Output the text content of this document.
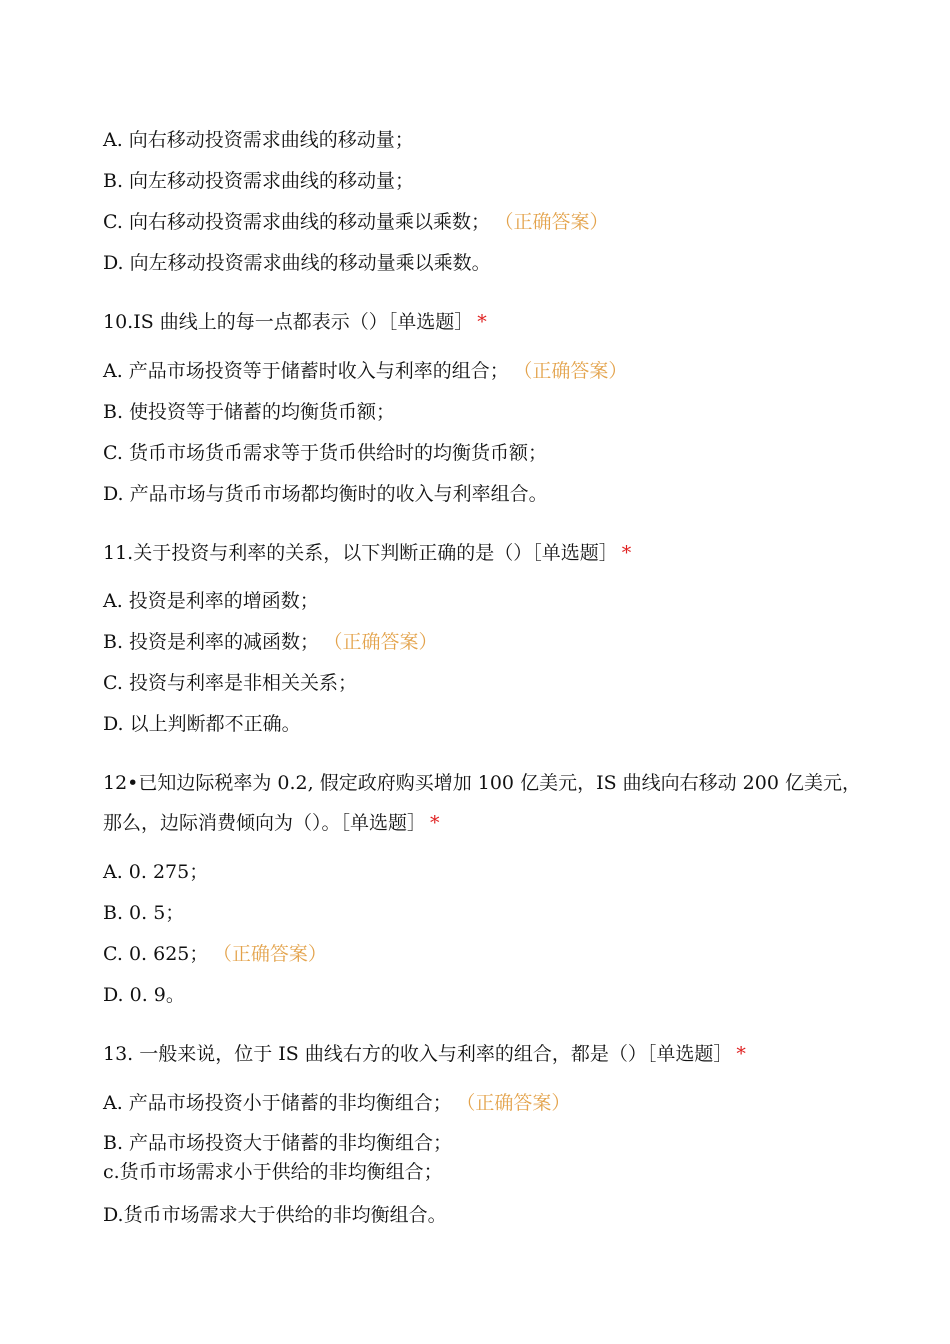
A. 向右移动投资需求曲线的移动量；
B. 向左移动投资需求曲线的移动量；
C. 向右移动投资需求曲线的移动量乘以乘数； （正确答案）
D. 向左移动投资需求曲线的移动量乘以乘数。
10.IS 曲线上的每一点都表示（）［单选题］ *
A. 产品市场投资等于储蓄时收入与利率的组合； （正确答案）
B. 使投资等于储蓄的均衡货币额；
C. 货币市场货币需求等于货币供给时的均衡货币额；
D. 产品市场与货币市场都均衡时的收入与利率组合。
11.关于投资与利率的关系，以下判断正确的是（）［单选题］ *
A. 投资是利率的增函数；
B. 投资是利率的减函数； （正确答案）
C. 投资与利率是非相关关系；
D. 以上判断都不正确。
12•已知边际税率为 0.2, 假定政府购买增加 100 亿美元，IS 曲线向右移动 200 亿美元，
那么，边际消费倾向为（）。［单选题］ *
A. 0. 275；
B. 0. 5；
C. 0. 625； （正确答案）
D. 0. 9。
13. 一般来说，位于 IS 曲线右方的收入与利率的组合，都是（）［单选题］ *
A. 产品市场投资小于储蓄的非均衡组合； （正确答案）
B. 产品市场投资大于储蓄的非均衡组合；
c.货币市场需求小于供给的非均衡组合；
D.货币市场需求大于供给的非均衡组合。
